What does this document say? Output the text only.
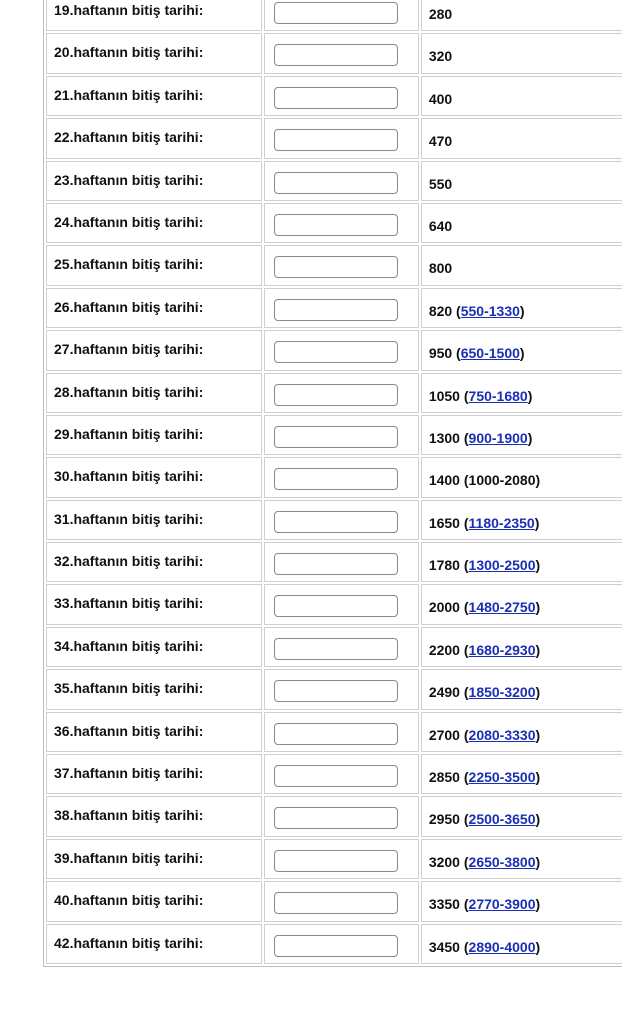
19.haftanın bitiş tarihi:		280	

20.haftanın bitiş tarihi:		320	

21.haftanın bitiş tarihi:		400	

22.haftanın bitiş tarihi:		470	

23.haftanın bitiş tarihi:		550	

24.haftanın bitiş tarihi:		640	

25.haftanın bitiş tarihi:		800	

26.haftanın bitiş tarihi:		820 (550-1330)	

27.haftanın bitiş tarihi:		950 (650-1500)	

28.haftanın bitiş tarihi:		1050 (750-1680)	

29.haftanın bitiş tarihi:		1300 (900-1900)	

30.haftanın bitiş tarihi:		1400 (1000-2080)	

31.haftanın bitiş tarihi:		1650 (1180-2350)	

32.haftanın bitiş tarihi:		1780 (1300-2500)	

33.haftanın bitiş tarihi:		2000 (1480-2750)	

34.haftanın bitiş tarihi:		2200 (1680-2930)	

35.haftanın bitiş tarihi:		2490 (1850-3200)	

36.haftanın bitiş tarihi:		2700 (2080-3330)	

37.haftanın bitiş tarihi:		2850 (2250-3500)	

38.haftanın bitiş tarihi:		2950 (2500-3650)	

39.haftanın bitiş tarihi:		3200 (2650-3800)	

40.haftanın bitiş tarihi:		3350 (2770-3900)	

42.haftanın bitiş tarihi:		3450 (2890-4000)	
